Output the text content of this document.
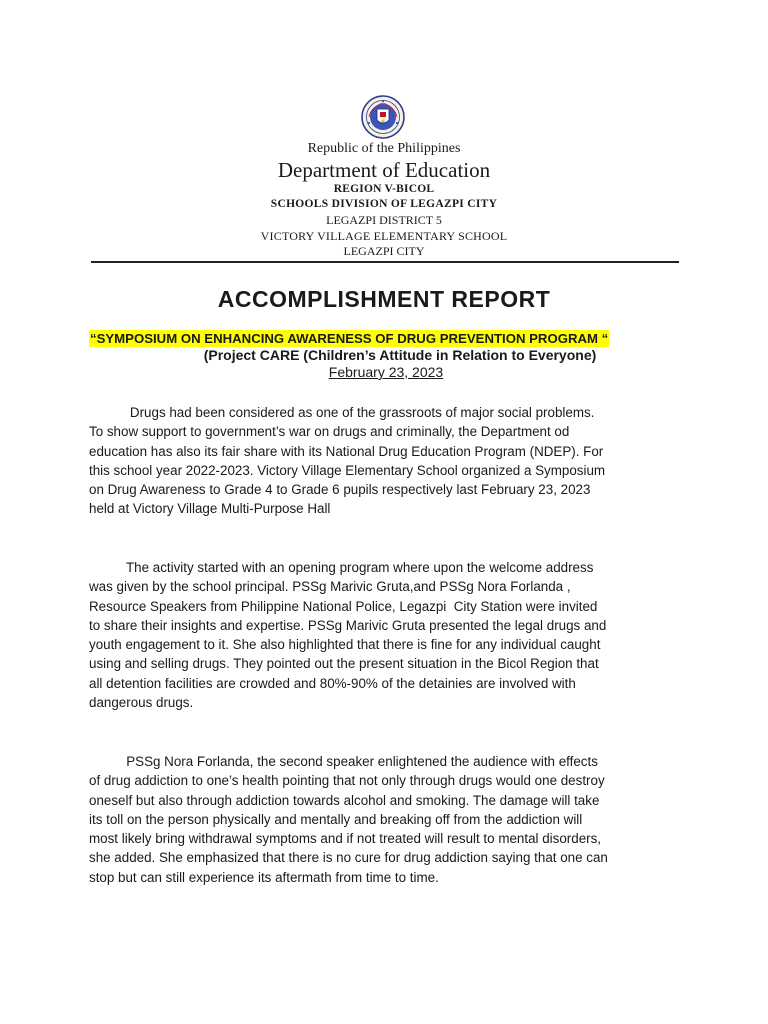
Republic of the Philippines
Department of Education
REGION V-BICOL
SCHOOLS DIVISION OF LEGAZPI CITY
LEGAZPI DISTRICT 5
VICTORY VILLAGE ELEMENTARY SCHOOL
LEGAZPI CITY
ACCOMPLISHMENT REPORT
“SYMPOSIUM ON ENHANCING AWARENESS OF DRUG PREVENTION PROGRAM “
(Project CARE (Children’s Attitude in Relation to Everyone)
February 23, 2023
Drugs had been considered as one of the grassroots of major social problems.
To show support to government’s war on drugs and criminally, the Department od
education has also its fair share with its National Drug Education Program (NDEP). For
this school year 2022-2023. Victory Village Elementary School organized a Symposium
on Drug Awareness to Grade 4 to Grade 6 pupils respectively last February 23, 2023
held at Victory Village Multi-Purpose Hall
The activity started with an opening program where upon the welcome address
was given by the school principal. PSSg Marivic Gruta,and PSSg Nora Forlanda ,
Resource Speakers from Philippine National Police, Legazpi  City Station were invited
to share their insights and expertise. PSSg Marivic Gruta presented the legal drugs and
youth engagement to it. She also highlighted that there is fine for any individual caught
using and selling drugs. They pointed out the present situation in the Bicol Region that
all detention facilities are crowded and 80%-90% of the detainies are involved with
dangerous drugs.
PSSg Nora Forlanda, the second speaker enlightened the audience with effects
of drug addiction to one’s health pointing that not only through drugs would one destroy
oneself but also through addiction towards alcohol and smoking. The damage will take
its toll on the person physically and mentally and breaking off from the addiction will
most likely bring withdrawal symptoms and if not treated will result to mental disorders,
she added. She emphasized that there is no cure for drug addiction saying that one can
stop but can still experience its aftermath from time to time.
